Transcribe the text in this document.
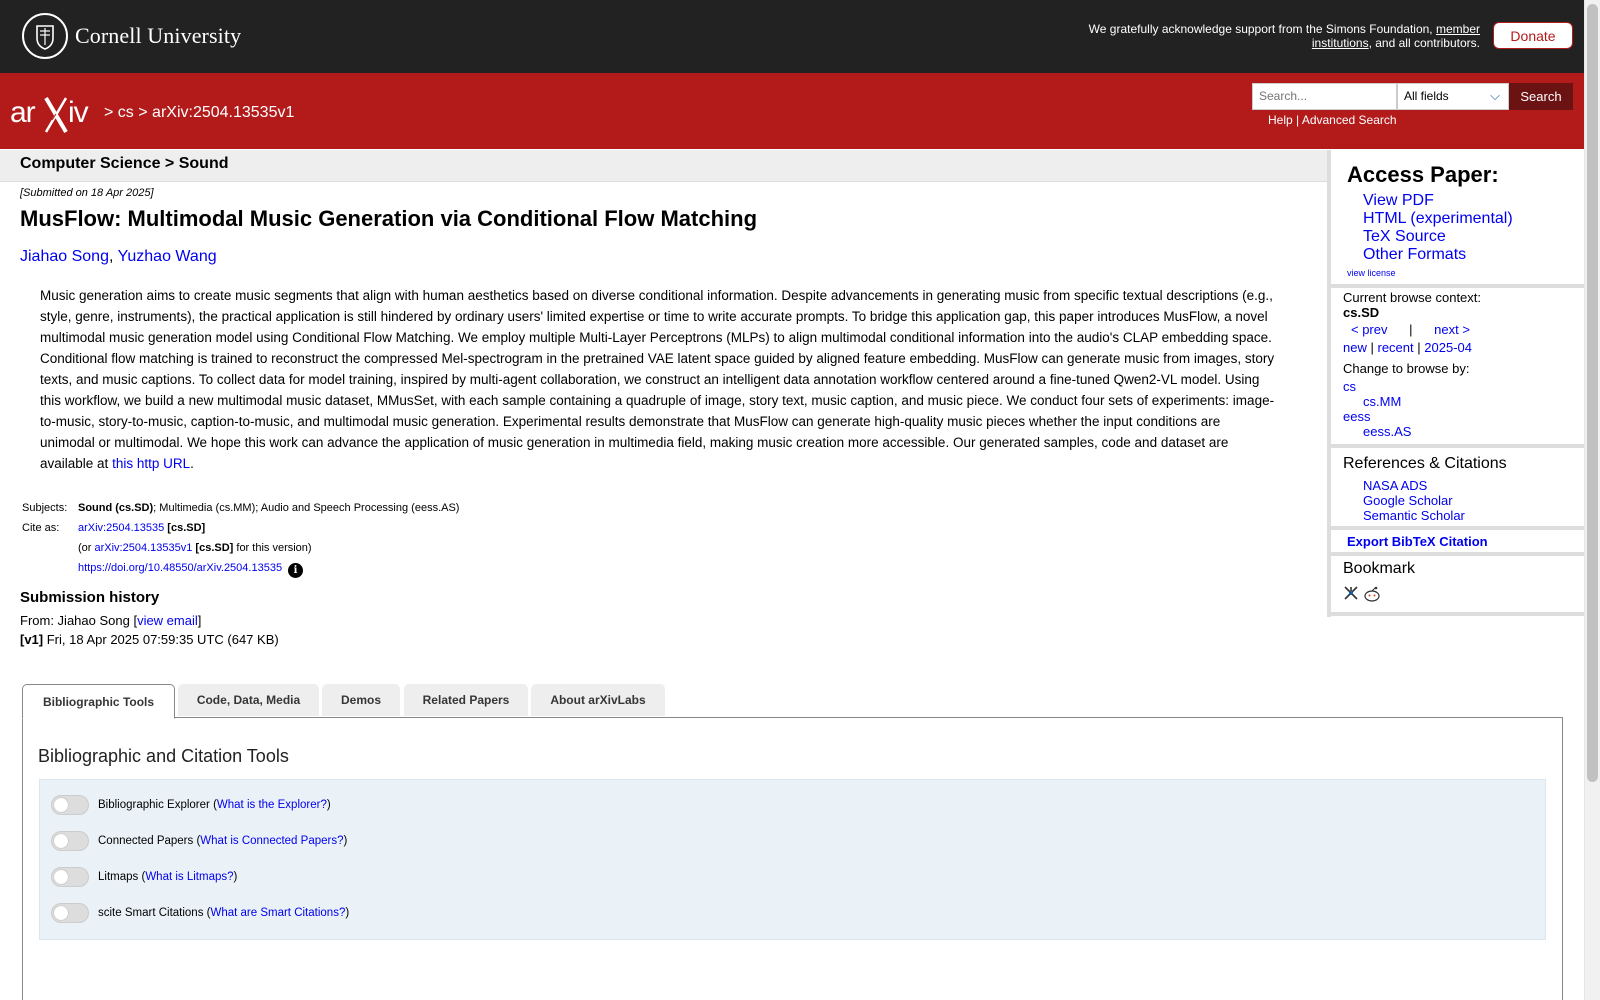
Cornell University	We gratefully acknowledge support from the Simons Foundation, member institutions, and all contributors.	Donate
ar iv > cs > arXiv:2504.13535v1
Search...	All fields	⌵	Search
Help | Advanced Search
Computer Science > Sound
[Submitted on 18 Apr 2025]
MusFlow: Multimodal Music Generation via Conditional Flow Matching
Jiahao Song, Yuzhao Wang
Music generation aims to create music segments that align with human aesthetics based on diverse conditional information. Despite advancements in generating music from specific textual descriptions (e.g.,
style, genre, instruments), the practical application is still hindered by ordinary users' limited expertise or time to write accurate prompts. To bridge this application gap, this paper introduces MusFlow, a novel
multimodal music generation model using Conditional Flow Matching. We employ multiple Multi-Layer Perceptrons (MLPs) to align multimodal conditional information into the audio's CLAP embedding space.
Conditional flow matching is trained to reconstruct the compressed Mel-spectrogram in the pretrained VAE latent space guided by aligned feature embedding. MusFlow can generate music from images, story
texts, and music captions. To collect data for model training, inspired by multi-agent collaboration, we construct an intelligent data annotation workflow centered around a fine-tuned Qwen2-VL model. Using
this workflow, we build a new multimodal music dataset, MMusSet, with each sample containing a quadruple of image, story text, music caption, and music piece. We conduct four sets of experiments: image-
to-music, story-to-music, caption-to-music, and multimodal music generation. Experimental results demonstrate that MusFlow can generate high-quality music pieces whether the input conditions are
unimodal or multimodal. We hope this work can advance the application of music generation in multimedia field, making music creation more accessible. Our generated samples, code and dataset are
available at this http URL.
Subjects: Sound (cs.SD); Multimedia (cs.MM); Audio and Speech Processing (eess.AS)
Cite as:	arXiv:2504.13535 [cs.SD]
(or arXiv:2504.13535v1 [cs.SD] for this version)
https://doi.org/10.48550/arXiv.2504.13535 i
Submission history
From: Jiahao Song [view email]
[v1] Fri, 18 Apr 2025 07:59:35 UTC (647 KB)
Bibliographic Tools	Code, Data, Media	Demos	Related Papers	About arXivLabs
Bibliographic and Citation Tools
Bibliographic Explorer ( What is the Explorer? )
Connected Papers ( What is Connected Papers? )
Litmaps ( What is Litmaps? )
scite Smart Citations ( What are Smart Citations? )
Access Paper:
View PDF
HTML (experimental)
TeX Source
Other Formats
view license
Current browse context:
cs.SD
< prev | next >
new | recent | 2025-04
Change to browse by:
cs
cs.MM
eess
eess.AS
References & Citations
NASA ADS
Google Scholar
Semantic Scholar
Export BibTeX Citation
Bookmark
